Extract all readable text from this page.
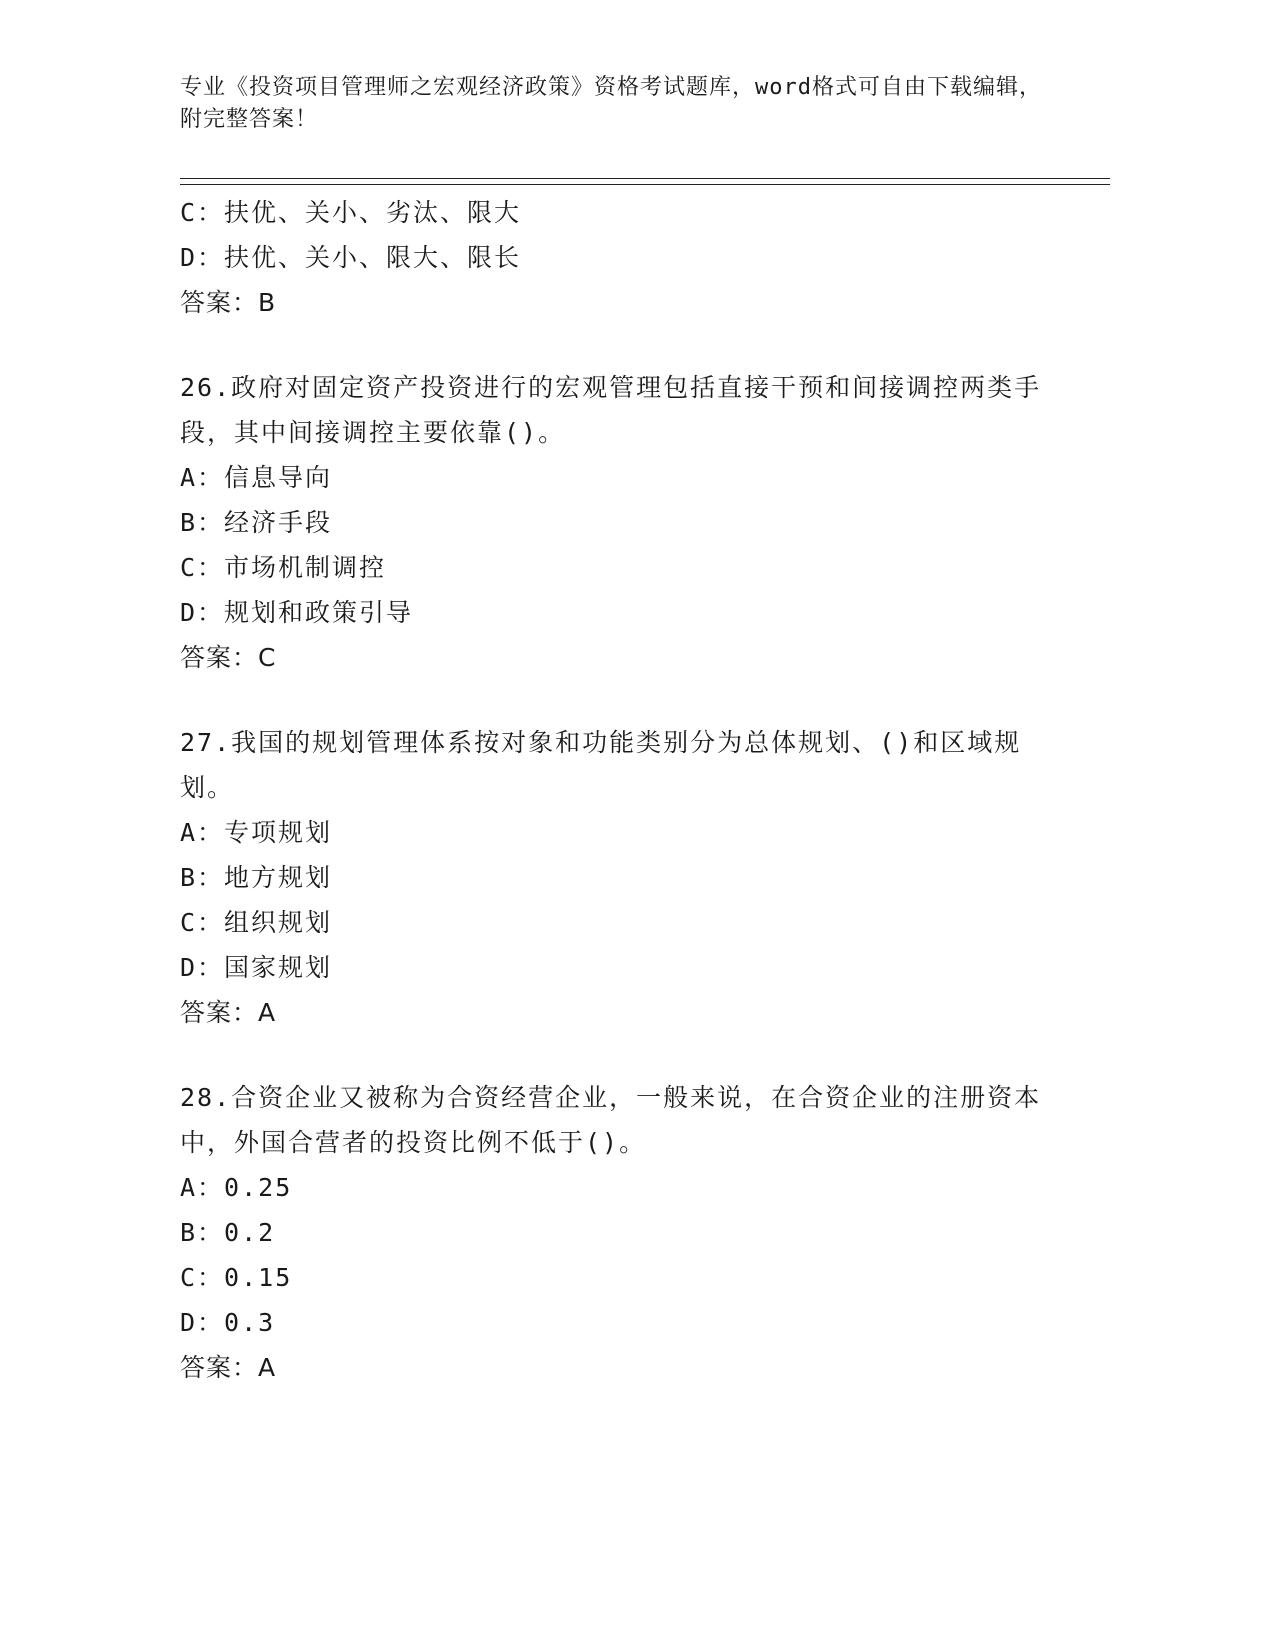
专业《投资项目管理师之宏观经济政策》资格考试题库，word格式可自由下载编辑，附完整答案！

C：扶优、关小、劣汰、限大

D：扶优、关小、限大、限长

答案：B

26.政府对固定资产投资进行的宏观管理包括直接干预和间接调控两类手段，其中间接调控主要依靠()。

A：信息导向

B：经济手段

C：市场机制调控

D：规划和政策引导

答案：C

27.我国的规划管理体系按对象和功能类别分为总体规划、()和区域规划。

A：专项规划

B：地方规划

C：组织规划

D：国家规划

答案：A

28.合资企业又被称为合资经营企业，一般来说，在合资企业的注册资本中，外国合营者的投资比例不低于()。

A：0.25

B：0.2

C：0.15

D：0.3

答案：A
